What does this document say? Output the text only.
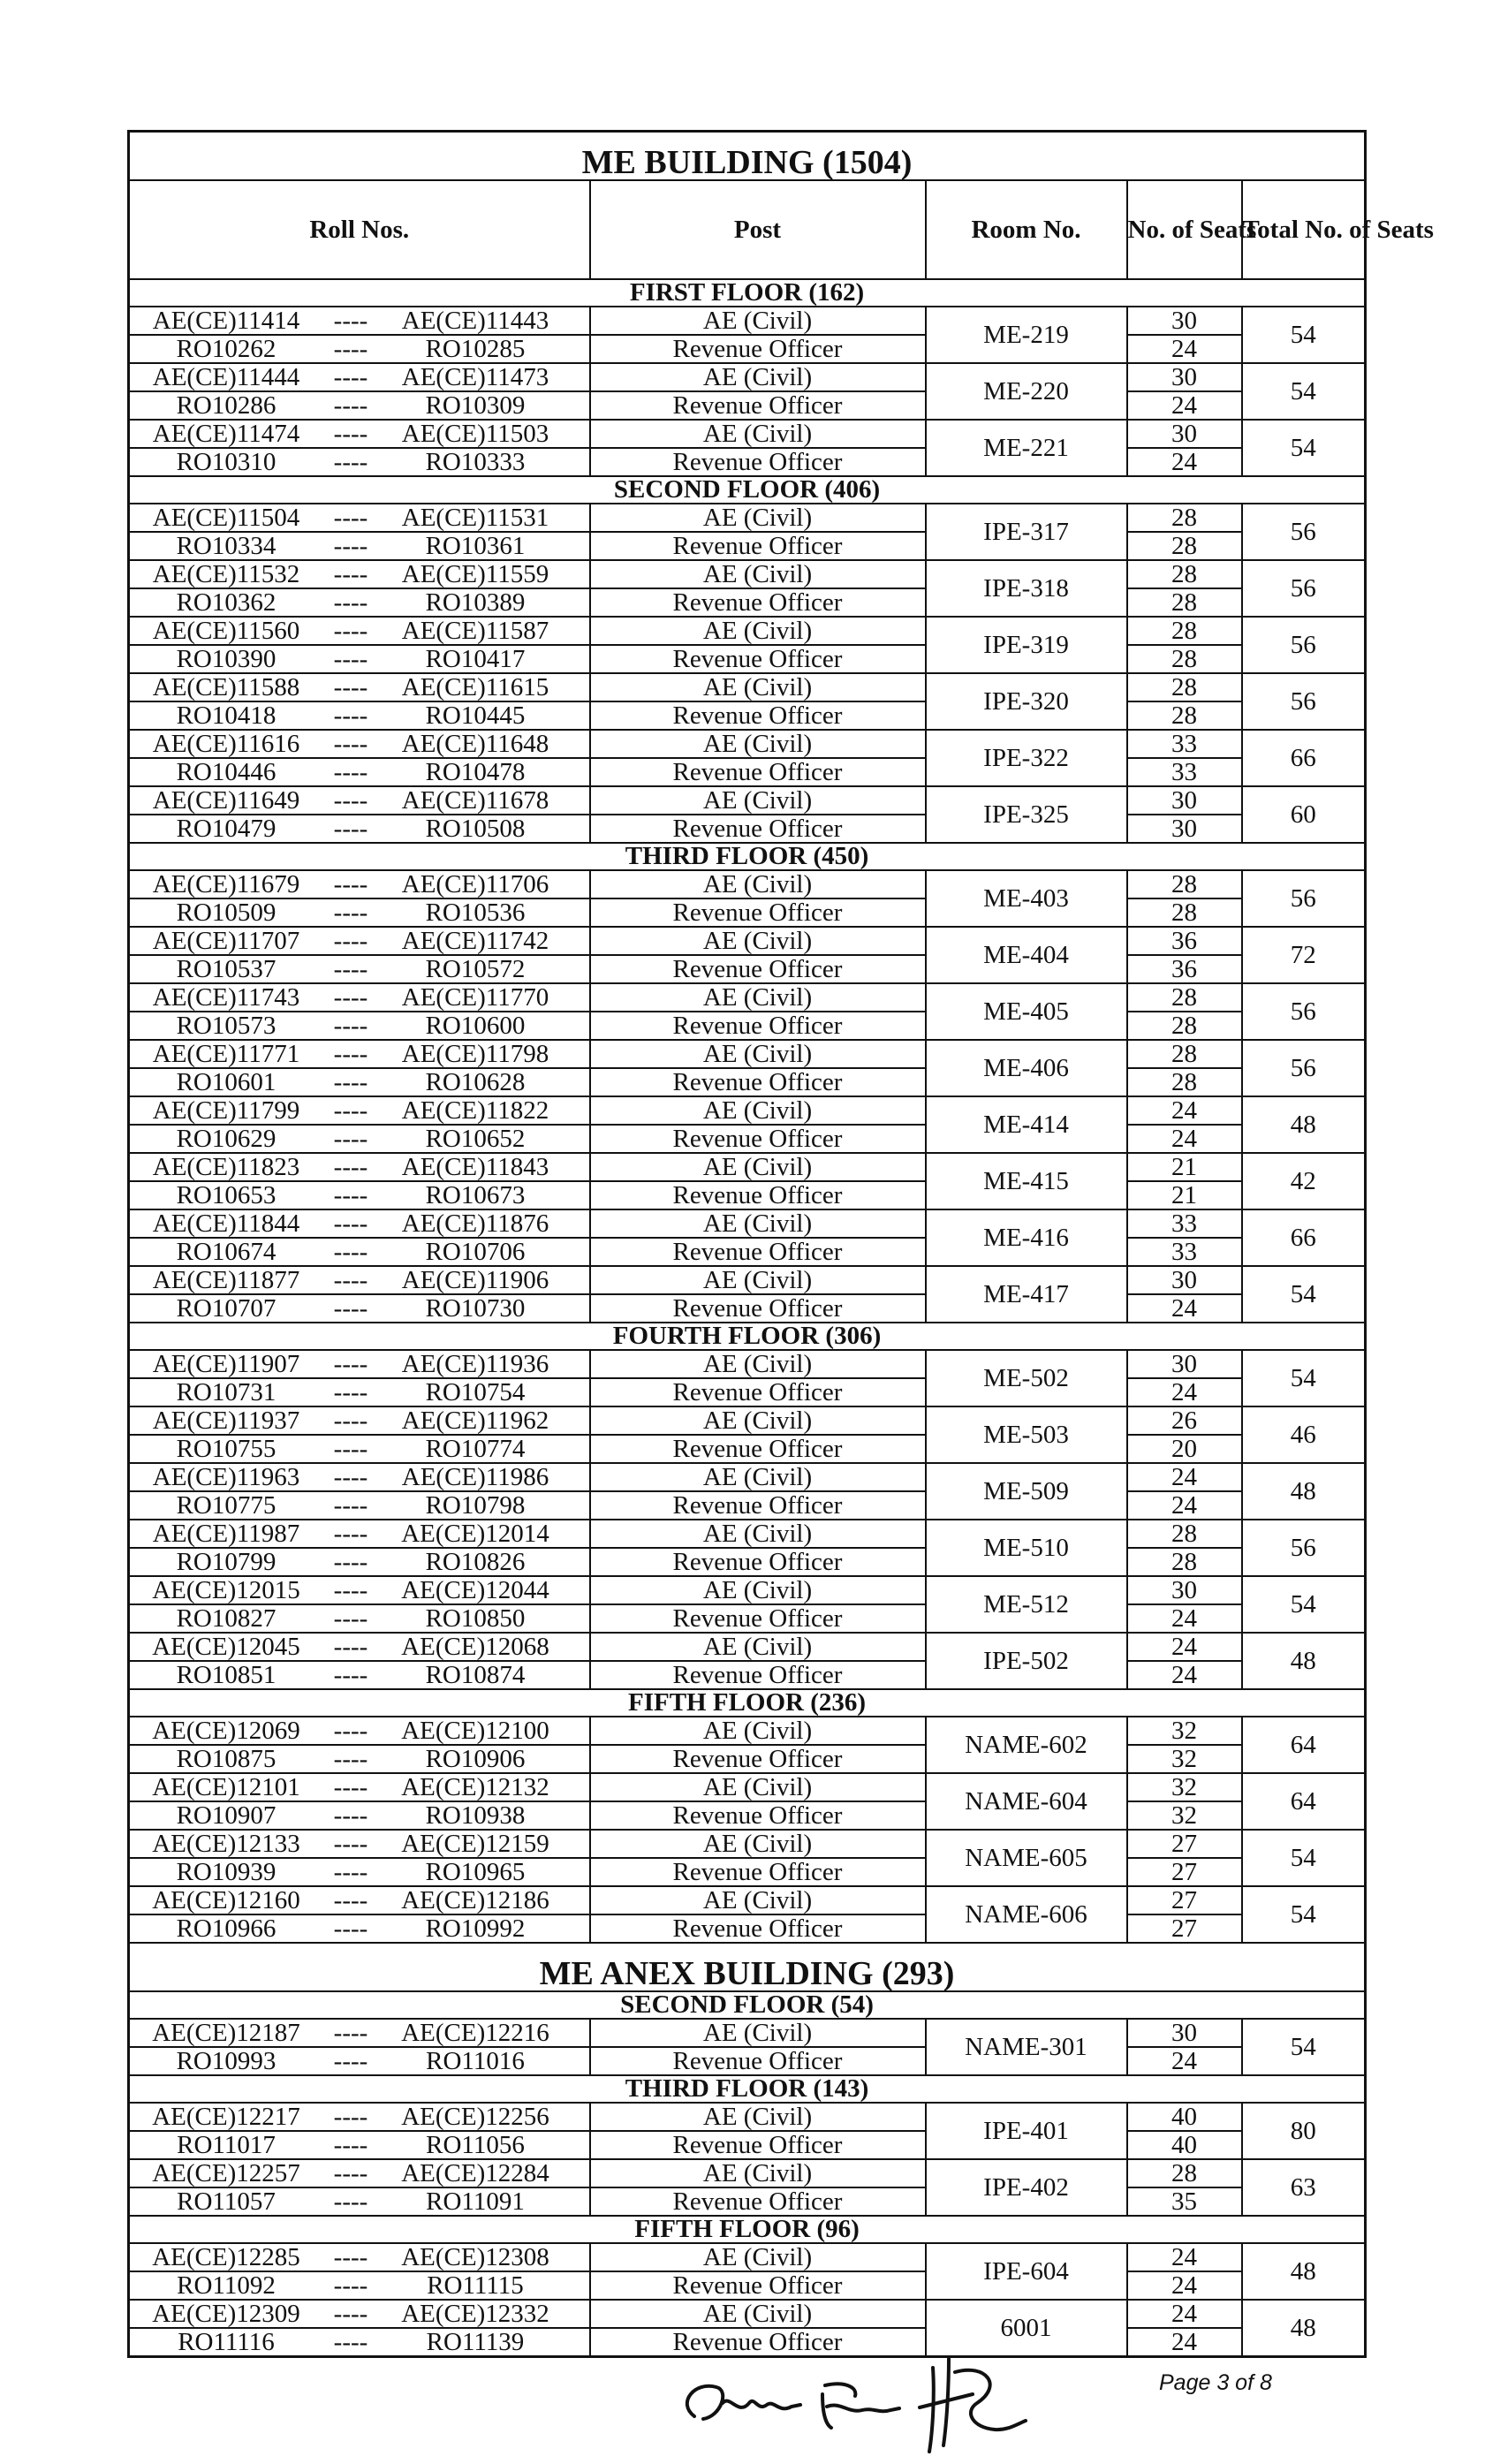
ME BUILDING (1504)				
Roll Nos.	Post	Room No.	No. of Seats	Total No. of Seats
FIRST FLOOR (162)				
AE(CE)11414 ---- AE(CE)11443	AE (Civil)	ME-219	30	54
RO10262 ---- RO10285	Revenue Officer		24	
AE(CE)11444 ---- AE(CE)11473	AE (Civil)	ME-220	30	54
RO10286 ---- RO10309	Revenue Officer		24	
AE(CE)11474 ---- AE(CE)11503	AE (Civil)	ME-221	30	54
RO10310 ---- RO10333	Revenue Officer		24	
SECOND FLOOR (406)				
AE(CE)11504 ---- AE(CE)11531	AE (Civil)	IPE-317	28	56
RO10334 ---- RO10361	Revenue Officer		28	
AE(CE)11532 ---- AE(CE)11559	AE (Civil)	IPE-318	28	56
RO10362 ---- RO10389	Revenue Officer		28	
AE(CE)11560 ---- AE(CE)11587	AE (Civil)	IPE-319	28	56
RO10390 ---- RO10417	Revenue Officer		28	
AE(CE)11588 ---- AE(CE)11615	AE (Civil)	IPE-320	28	56
RO10418 ---- RO10445	Revenue Officer		28	
AE(CE)11616 ---- AE(CE)11648	AE (Civil)	IPE-322	33	66
RO10446 ---- RO10478	Revenue Officer		33	
AE(CE)11649 ---- AE(CE)11678	AE (Civil)	IPE-325	30	60
RO10479 ---- RO10508	Revenue Officer		30	
THIRD FLOOR (450)				
AE(CE)11679 ---- AE(CE)11706	AE (Civil)	ME-403	28	56
RO10509 ---- RO10536	Revenue Officer		28	
AE(CE)11707 ---- AE(CE)11742	AE (Civil)	ME-404	36	72
RO10537 ---- RO10572	Revenue Officer		36	
AE(CE)11743 ---- AE(CE)11770	AE (Civil)	ME-405	28	56
RO10573 ---- RO10600	Revenue Officer		28	
AE(CE)11771 ---- AE(CE)11798	AE (Civil)	ME-406	28	56
RO10601 ---- RO10628	Revenue Officer		28	
AE(CE)11799 ---- AE(CE)11822	AE (Civil)	ME-414	24	48
RO10629 ---- RO10652	Revenue Officer		24	
AE(CE)11823 ---- AE(CE)11843	AE (Civil)	ME-415	21	42
RO10653 ---- RO10673	Revenue Officer		21	
AE(CE)11844 ---- AE(CE)11876	AE (Civil)	ME-416	33	66
RO10674 ---- RO10706	Revenue Officer		33	
AE(CE)11877 ---- AE(CE)11906	AE (Civil)	ME-417	30	54
RO10707 ---- RO10730	Revenue Officer		24	
FOURTH FLOOR (306)				
AE(CE)11907 ---- AE(CE)11936	AE (Civil)	ME-502	30	54
RO10731 ---- RO10754	Revenue Officer		24	
AE(CE)11937 ---- AE(CE)11962	AE (Civil)	ME-503	26	46
RO10755 ---- RO10774	Revenue Officer		20	
AE(CE)11963 ---- AE(CE)11986	AE (Civil)	ME-509	24	48
RO10775 ---- RO10798	Revenue Officer		24	
AE(CE)11987 ---- AE(CE)12014	AE (Civil)	ME-510	28	56
RO10799 ---- RO10826	Revenue Officer		28	
AE(CE)12015 ---- AE(CE)12044	AE (Civil)	ME-512	30	54
RO10827 ---- RO10850	Revenue Officer		24	
AE(CE)12045 ---- AE(CE)12068	AE (Civil)	IPE-502	24	48
RO10851 ---- RO10874	Revenue Officer		24	
FIFTH FLOOR (236)				
AE(CE)12069 ---- AE(CE)12100	AE (Civil)	NAME-602	32	64
RO10875 ---- RO10906	Revenue Officer		32	
AE(CE)12101 ---- AE(CE)12132	AE (Civil)	NAME-604	32	64
RO10907 ---- RO10938	Revenue Officer		32	
AE(CE)12133 ---- AE(CE)12159	AE (Civil)	NAME-605	27	54
RO10939 ---- RO10965	Revenue Officer		27	
AE(CE)12160 ---- AE(CE)12186	AE (Civil)	NAME-606	27	54
RO10966 ---- RO10992	Revenue Officer		27	
ME ANEX BUILDING (293)				
SECOND FLOOR (54)				
AE(CE)12187 ---- AE(CE)12216	AE (Civil)	NAME-301	30	54
RO10993 ---- RO11016	Revenue Officer		24	
THIRD FLOOR (143)				
AE(CE)12217 ---- AE(CE)12256	AE (Civil)	IPE-401	40	80
RO11017 ---- RO11056	Revenue Officer		40	
AE(CE)12257 ---- AE(CE)12284	AE (Civil)	IPE-402	28	63
RO11057 ---- RO11091	Revenue Officer		35	
FIFTH FLOOR (96)				
AE(CE)12285 ---- AE(CE)12308	AE (Civil)	IPE-604	24	48
RO11092 ---- RO11115	Revenue Officer		24	
AE(CE)12309 ---- AE(CE)12332	AE (Civil)	6001	24	48
RO11116 ---- RO11139	Revenue Officer		24	
Page 3 of 8
